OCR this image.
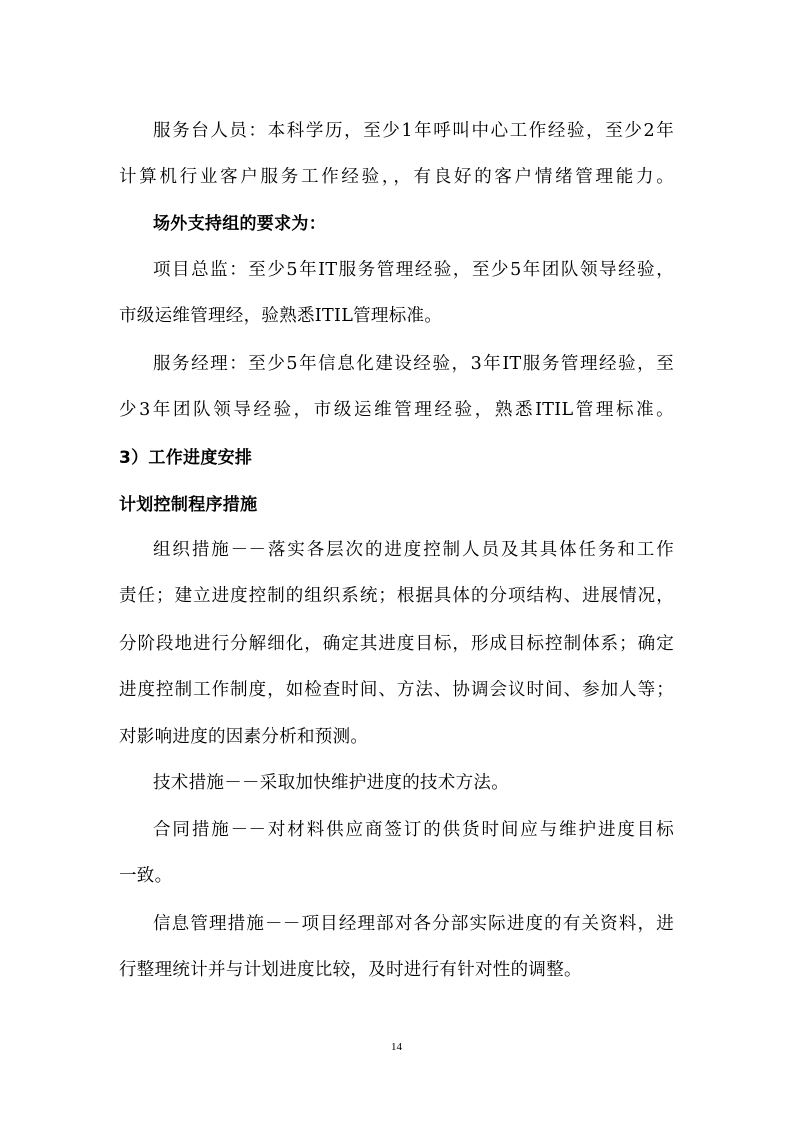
服务台人员：本科学历，至少1年呼叫中心工作经验，至少2年

计算机行业客户服务工作经验，，有良好的客户情绪管理能力。

场外支持组的要求为：

项目总监：至少5年IT服务管理经验，至少5年团队领导经验，

市级运维管理经，验熟悉ITIL管理标准。

服务经理：至少5年信息化建设经验，3年IT服务管理经验，至

少3年团队领导经验，市级运维管理经验，熟悉ITIL管理标准。

3）工作进度安排

计划控制程序措施

组织措施－－落实各层次的进度控制人员及其具体任务和工作

责任；建立进度控制的组织系统；根据具体的分项结构、进展情况，

分阶段地进行分解细化，确定其进度目标，形成目标控制体系；确定

进度控制工作制度，如检查时间、方法、协调会议时间、参加人等；

对影响进度的因素分析和预测。

技术措施－－采取加快维护进度的技术方法。

合同措施－－对材料供应商签订的供货时间应与维护进度目标

一致。

信息管理措施－－项目经理部对各分部实际进度的有关资料，进

行整理统计并与计划进度比较，及时进行有针对性的调整。

14
